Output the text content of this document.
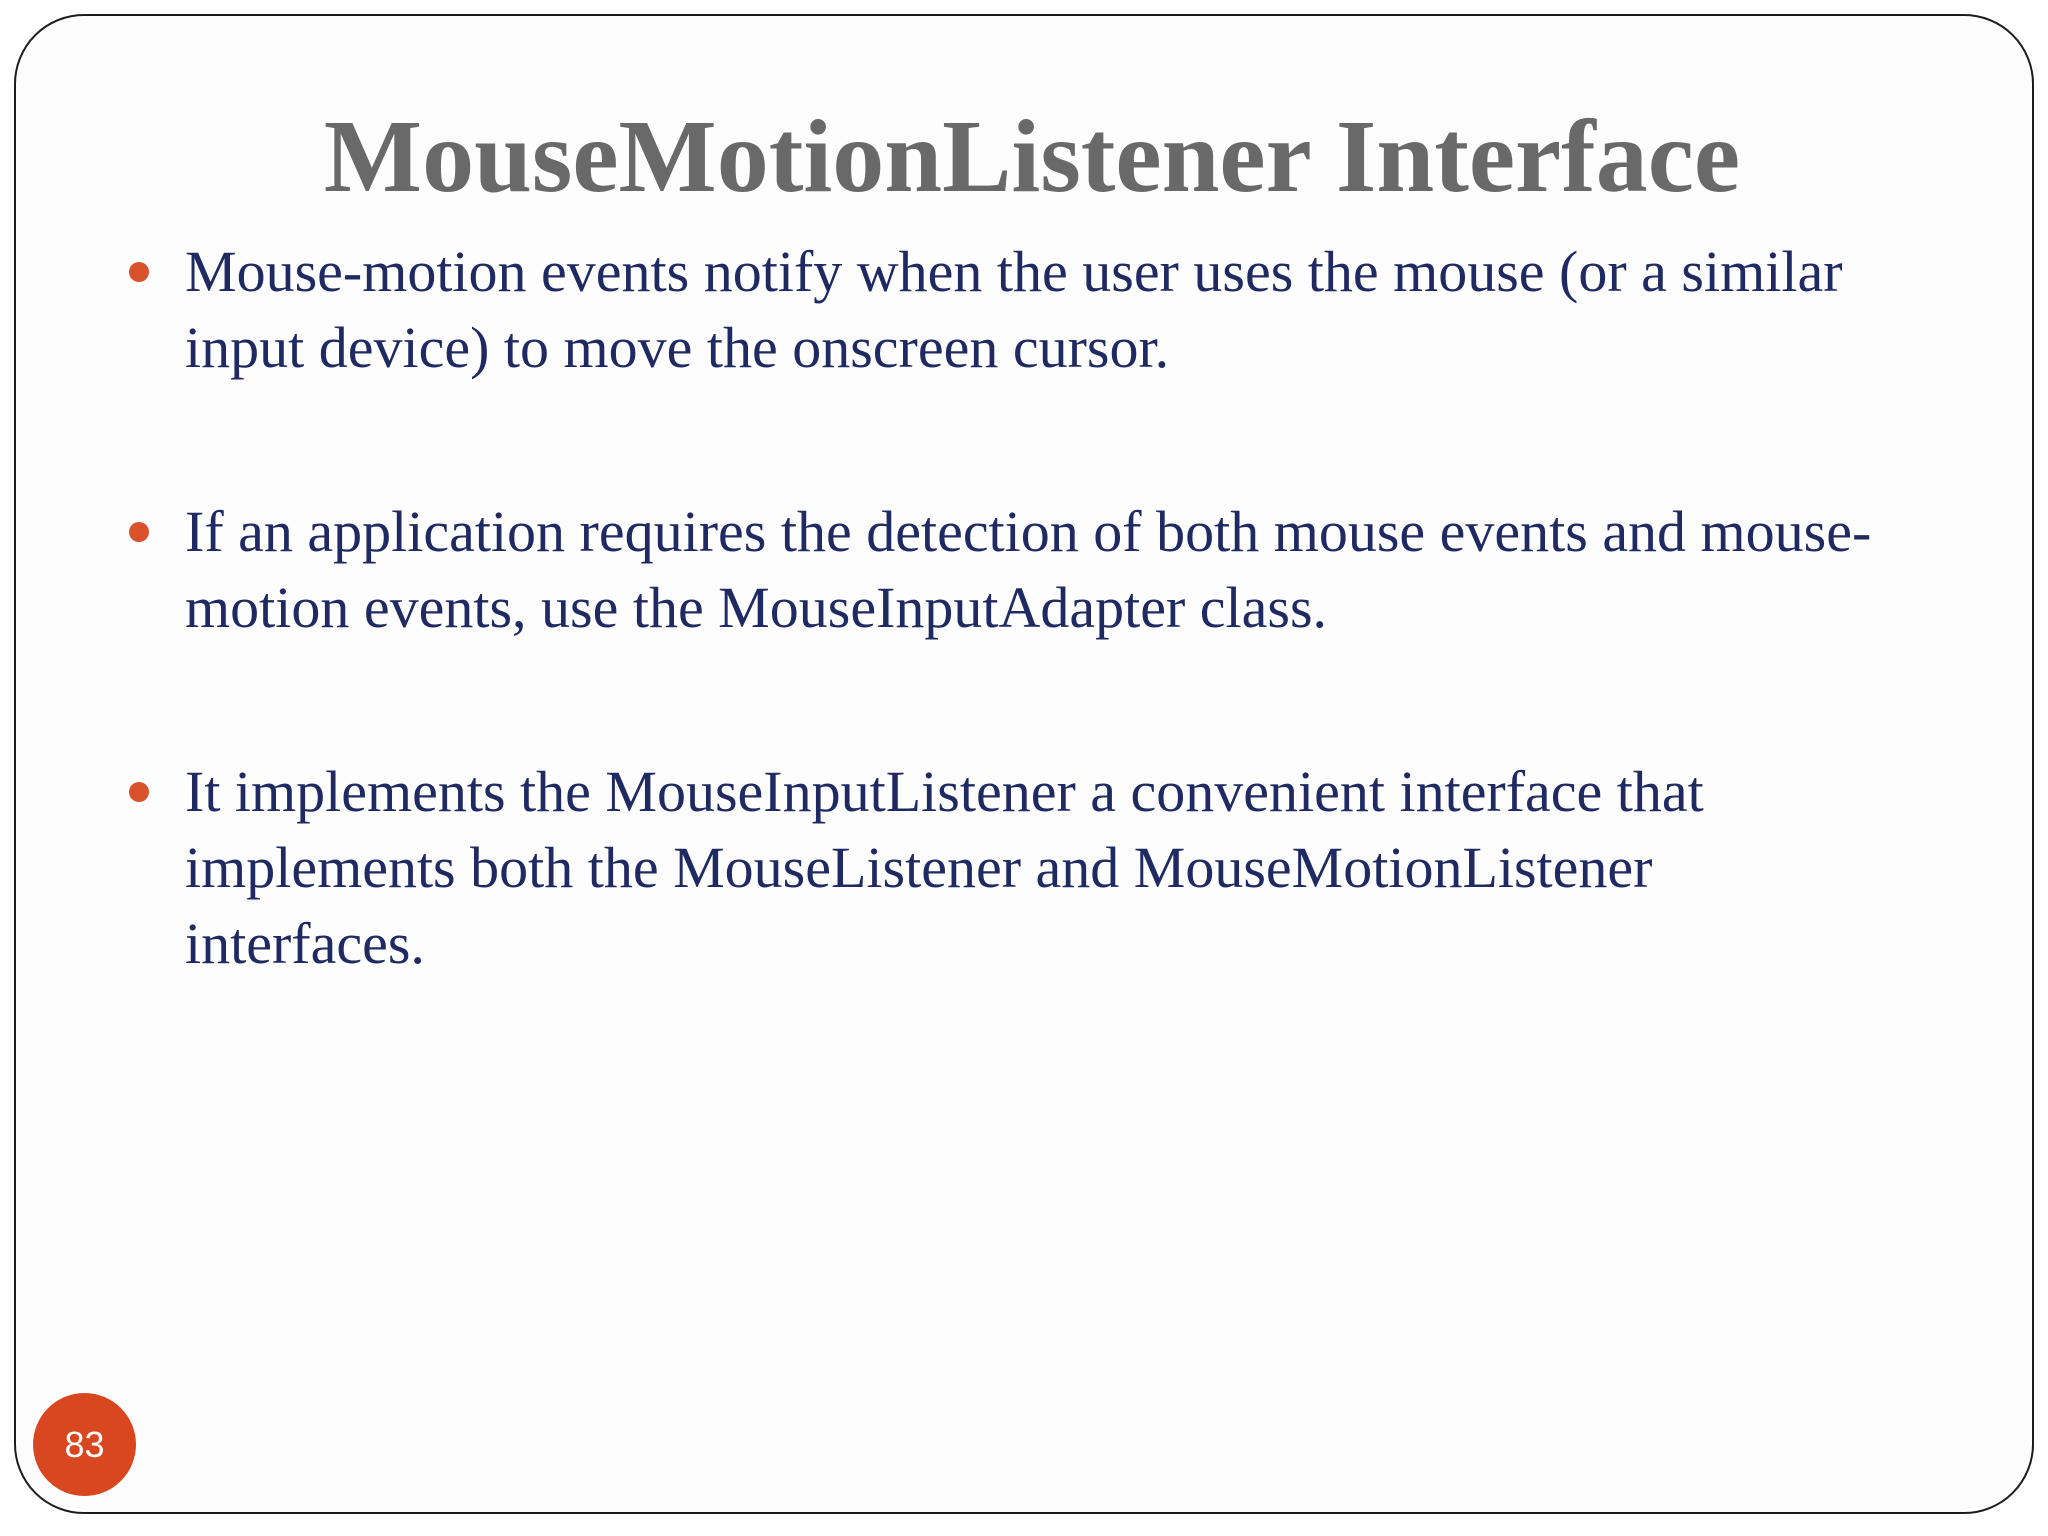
MouseMotionListener Interface
Mouse-motion events notify when the user uses the mouse (or a similar input device) to move the onscreen cursor.
If an application requires the detection of both mouse events and mouse-motion events, use the MouseInputAdapter class.
It implements the MouseInputListener a convenient interface that implements both the MouseListener and MouseMotionListener interfaces.
83
